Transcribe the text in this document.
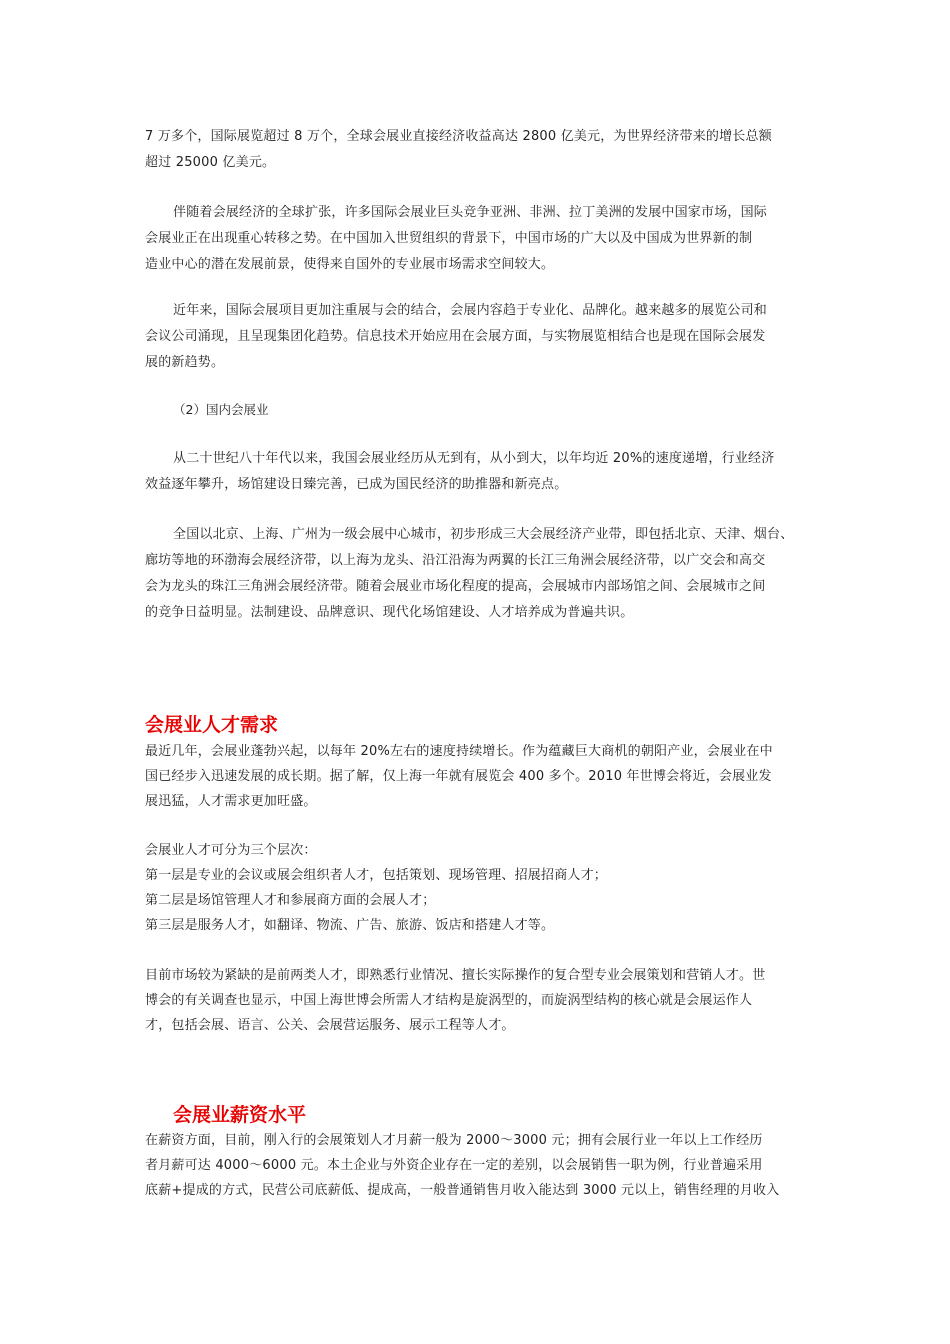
7 万多个，国际展览超过 8 万个，全球会展业直接经济收益高达 2800 亿美元，为世界经济带来的增长总额
超过 25000 亿美元。
伴随着会展经济的全球扩张，许多国际会展业巨头竞争亚洲、非洲、拉丁美洲的发展中国家市场，国际
会展业正在出现重心转移之势。在中国加入世贸组织的背景下，中国市场的广大以及中国成为世界新的制
造业中心的潜在发展前景，使得来自国外的专业展市场需求空间较大。
近年来，国际会展项目更加注重展与会的结合，会展内容趋于专业化、品牌化。越来越多的展览公司和
会议公司涌现，且呈现集团化趋势。信息技术开始应用在会展方面，与实物展览相结合也是现在国际会展发
展的新趋势。
（2）国内会展业
从二十世纪八十年代以来，我国会展业经历从无到有，从小到大，以年均近 20%的速度递增，行业经济
效益逐年攀升，场馆建设日臻完善，已成为国民经济的助推器和新亮点。
全国以北京、上海、广州为一级会展中心城市，初步形成三大会展经济产业带，即包括北京、天津、烟台、
廊坊等地的环渤海会展经济带，以上海为龙头、沿江沿海为两翼的长江三角洲会展经济带，以广交会和高交
会为龙头的珠江三角洲会展经济带。随着会展业市场化程度的提高，会展城市内部场馆之间、会展城市之间
的竞争日益明显。法制建设、品牌意识、现代化场馆建设、人才培养成为普遍共识。
会展业人才需求
最近几年，会展业蓬勃兴起，以每年 20%左右的速度持续增长。作为蕴藏巨大商机的朝阳产业，会展业在中
国已经步入迅速发展的成长期。据了解，仅上海一年就有展览会 400 多个。2010 年世博会将近，会展业发
展迅猛，人才需求更加旺盛。
会展业人才可分为三个层次：
第一层是专业的会议或展会组织者人才，包括策划、现场管理、招展招商人才；
第二层是场馆管理人才和参展商方面的会展人才；
第三层是服务人才，如翻译、物流、广告、旅游、饭店和搭建人才等。
目前市场较为紧缺的是前两类人才，即熟悉行业情况、擅长实际操作的复合型专业会展策划和营销人才。世
博会的有关调查也显示，中国上海世博会所需人才结构是旋涡型的，而旋涡型结构的核心就是会展运作人
才，包括会展、语言、公关、会展营运服务、展示工程等人才。
会展业薪资水平
在薪资方面，目前，刚入行的会展策划人才月薪一般为 2000～3000 元；拥有会展行业一年以上工作经历
者月薪可达 4000～6000 元。本土企业与外资企业存在一定的差别，以会展销售一职为例，行业普遍采用
底薪+提成的方式，民营公司底薪低、提成高，一般普通销售月收入能达到 3000 元以上，销售经理的月收入
